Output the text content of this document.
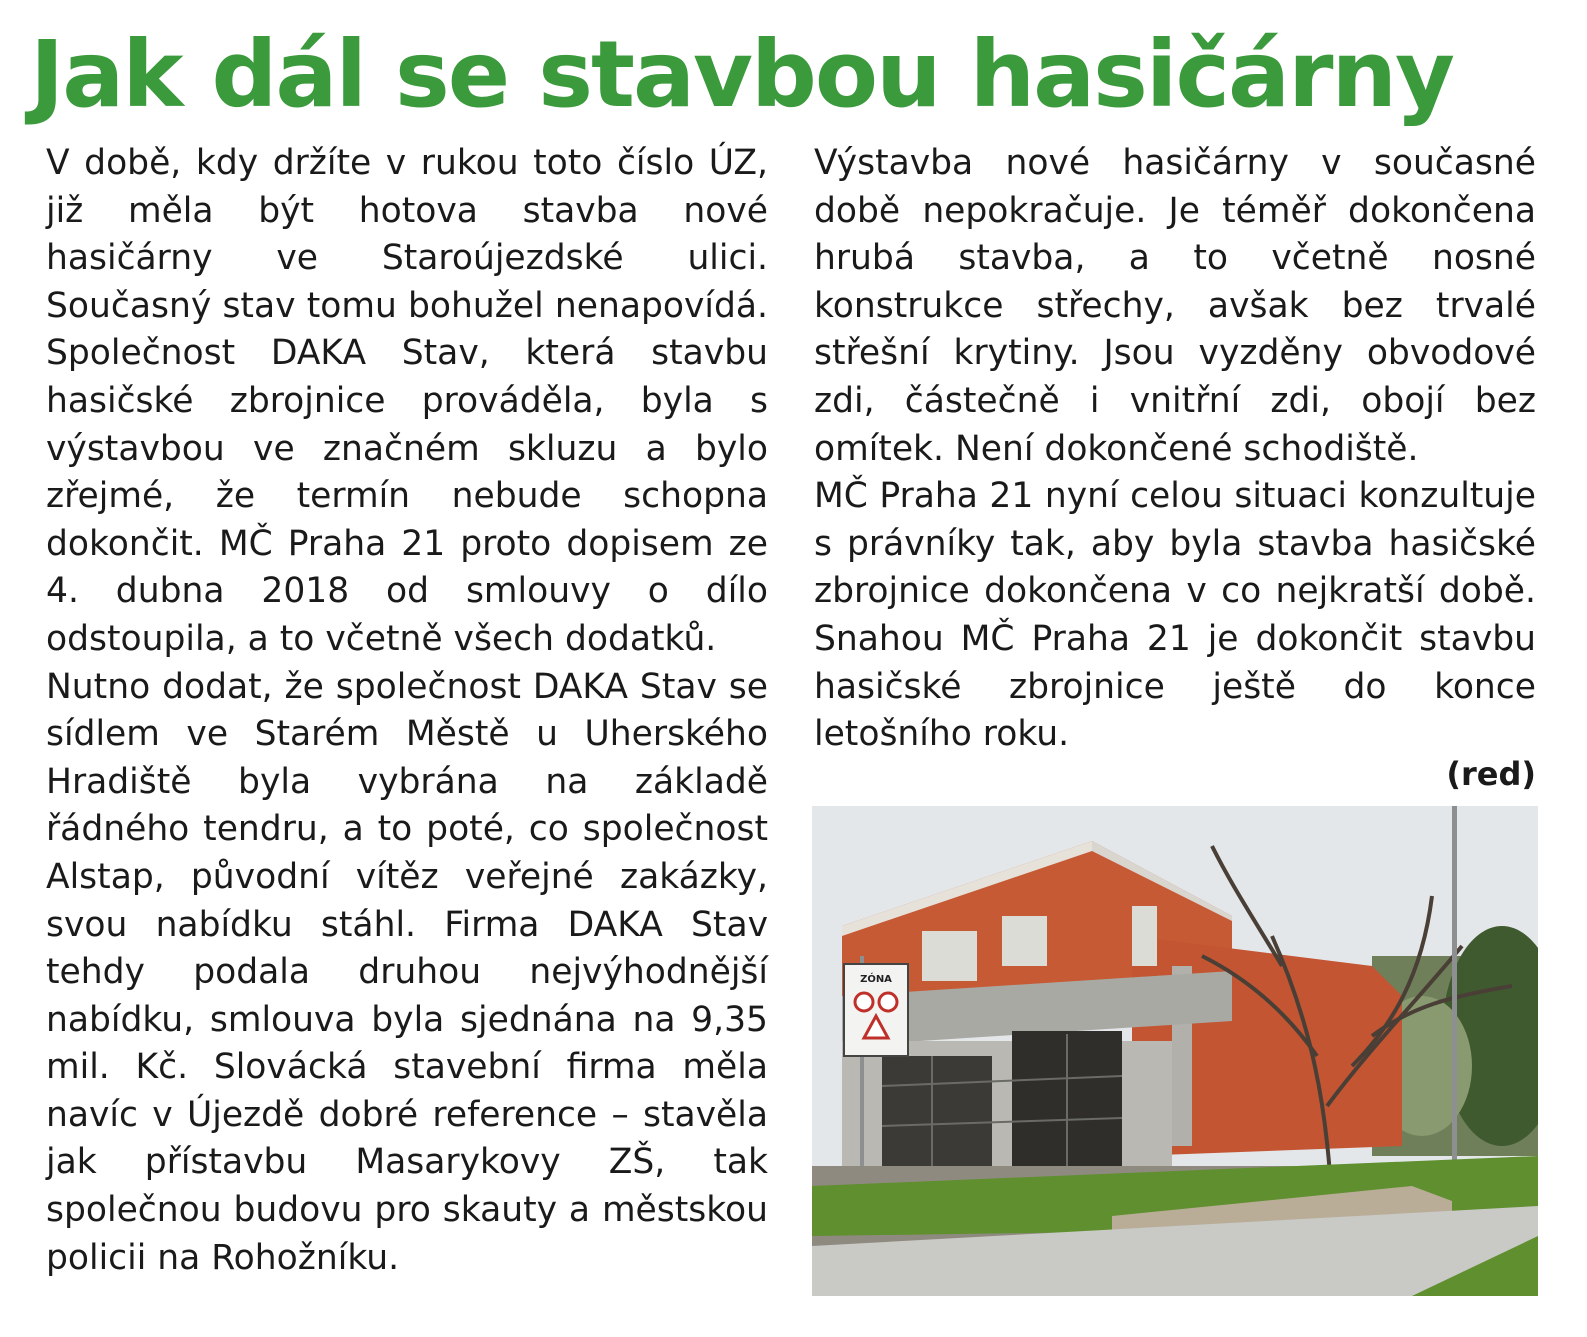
Jak dál se stavbou hasičárny

V době, kdy držíte v rukou toto číslo ÚZ, již měla být hotova stavba nové hasičárny ve Staroújezdské ulici. Současný stav tomu bohužel nenapovídá. Společnost DAKA Stav, která stavbu hasičské zbrojnice prováděla, byla s výstavbou ve značném skluzu a bylo zřejmé, že termín nebude schopna dokončit. MČ Praha 21 proto dopisem ze 4. dubna 2018 od smlouvy o dílo odstoupila, a to včetně všech dodatků.

Nutno dodat, že společnost DAKA Stav se sídlem ve Starém Městě u Uherského Hradiště byla vybrána na základě řádného tendru, a to poté, co společnost Alstap, původní vítěz veřejné zakázky, svou nabídku stáhl. Firma DAKA Stav tehdy podala druhou nejvýhodnější nabídku, smlouva byla sjednána na 9,35 mil. Kč. Slovácká stavební firma měla navíc v Újezdě dobré reference – stavěla jak přístavbu Masarykovy ZŠ, tak společnou budovu pro skauty a městskou policii na Rohožníku.

Výstavba nové hasičárny v současné době nepokračuje. Je téměř dokončena hrubá stavba, a to včetně nosné konstrukce střechy, avšak bez trvalé střešní krytiny. Jsou vyzděny obvodové zdi, částečně i vnitřní zdi, obojí bez omítek. Není dokončené schodiště.

MČ Praha 21 nyní celou situaci konzultuje s právníky tak, aby byla stavba hasičské zbrojnice dokončena v co nejkratší době. Snahou MČ Praha 21 je dokončit stavbu hasičské zbrojnice ještě do konce letošního roku.

(red)
ZÓNA
